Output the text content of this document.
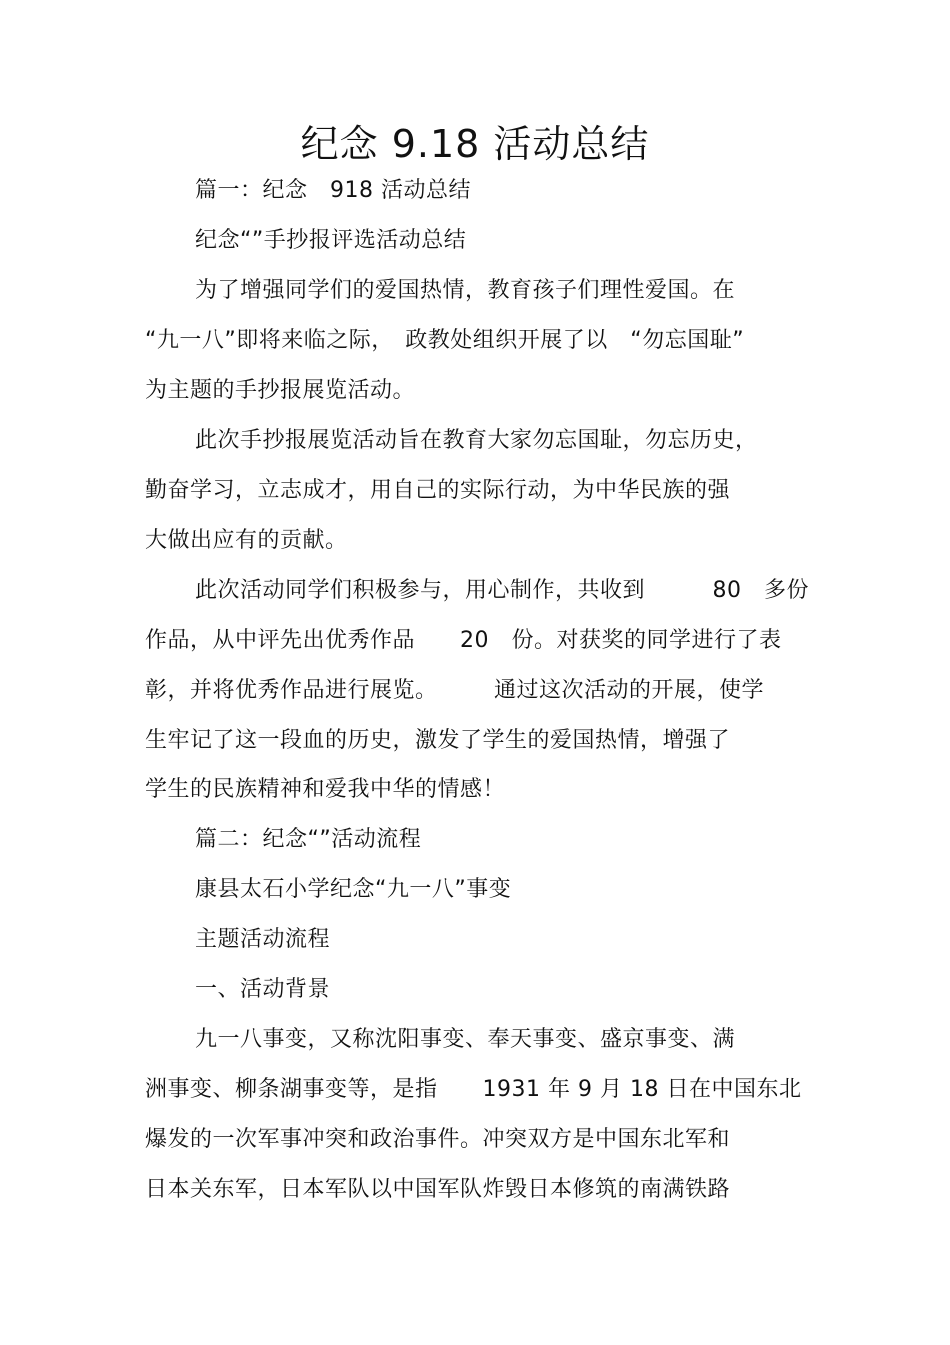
纪念 9.18 活动总结
篇一：纪念　918 活动总结
纪念“”手抄报评选活动总结
为了增强同学们的爱国热情，教育孩子们理性爱国。在
“九一八”即将来临之际，　政教处组织开展了以　“勿忘国耻”
为主题的手抄报展览活动。
此次手抄报展览活动旨在教育大家勿忘国耻，勿忘历史，
勤奋学习，立志成才，用自己的实际行动，为中华民族的强
大做出应有的贡献。
此次活动同学们积极参与，用心制作，共收到　　　80　多份
作品，从中评先出优秀作品　　20　份。对获奖的同学进行了表
彰，并将优秀作品进行展览。　　　通过这次活动的开展，使学
生牢记了这一段血的历史，激发了学生的爱国热情，增强了
学生的民族精神和爱我中华的情感！
篇二：纪念“”活动流程
康县太石小学纪念“九一八”事变
主题活动流程
一、活动背景
九一八事变，又称沈阳事变、奉天事变、盛京事变、满
洲事变、柳条湖事变等，是指　　1931 年 9 月 18 日在中国东北
爆发的一次军事冲突和政治事件。冲突双方是中国东北军和
日本关东军，日本军队以中国军队炸毁日本修筑的南满铁路
